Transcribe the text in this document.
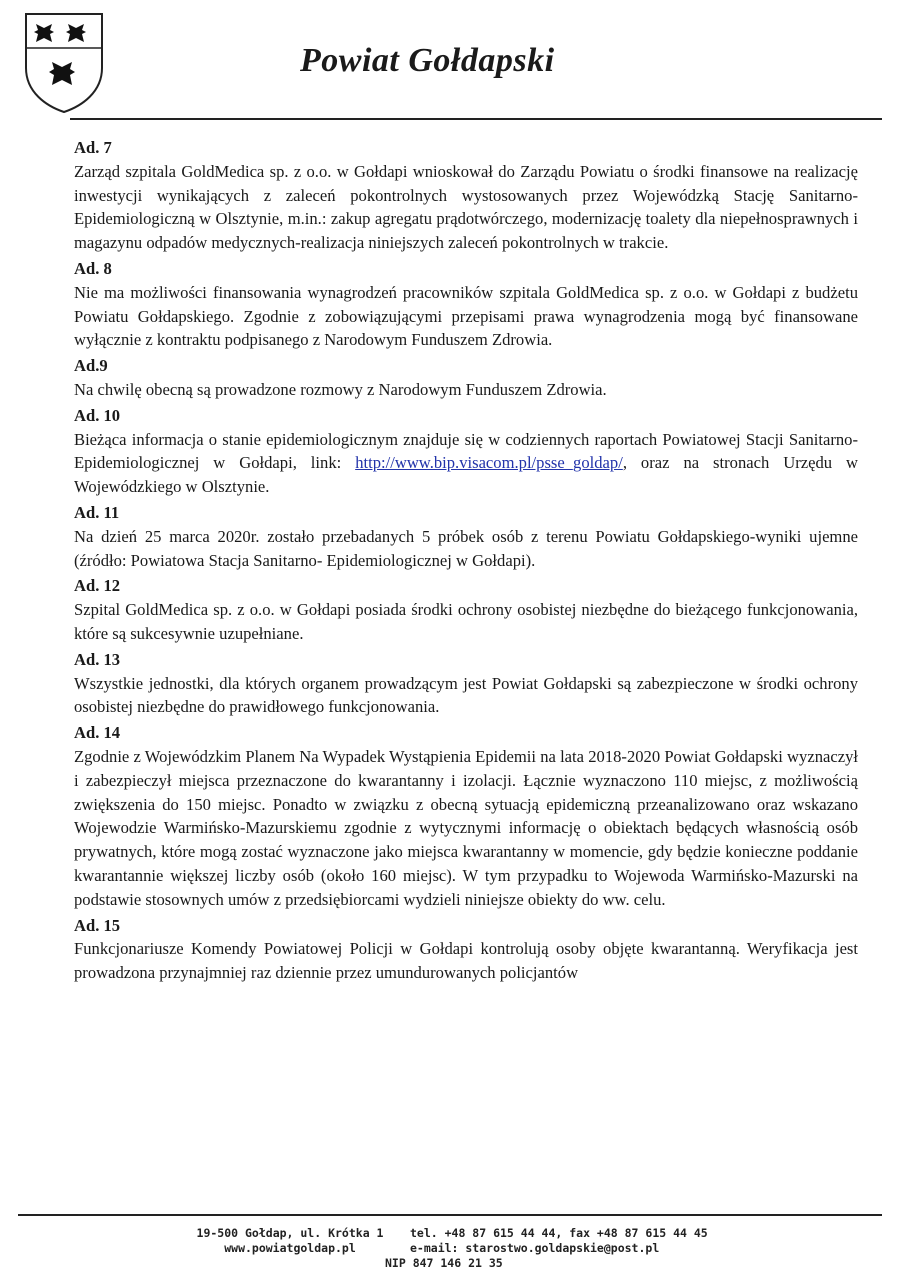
Powiat Gołdapski

Ad. 7

Zarząd szpitala GoldMedica sp. z o.o. w Gołdapi wnioskował do Zarządu Powiatu o środki finansowe na realizację inwestycji wynikających z zaleceń pokontrolnych wystosowanych przez Wojewódzką Stację Sanitarno-Epidemiologiczną w Olsztynie, m.in.: zakup agregatu prądotwórczego, modernizację toalety dla niepełnosprawnych i magazynu odpadów medycznych-realizacja niniejszych zaleceń pokontrolnych w trakcie.

Ad. 8

Nie ma możliwości finansowania wynagrodzeń pracowników szpitala GoldMedica sp. z o.o. w Gołdapi z budżetu Powiatu Gołdapskiego. Zgodnie z zobowiązującymi przepisami prawa wynagrodzenia mogą być finansowane wyłącznie z kontraktu podpisanego z Narodowym Funduszem Zdrowia.

Ad.9

Na chwilę obecną są prowadzone rozmowy z Narodowym Funduszem Zdrowia.

Ad. 10

Bieżąca informacja o stanie epidemiologicznym znajduje się w codziennych raportach Powiatowej Stacji Sanitarno- Epidemiologicznej w Gołdapi, link: http://www.bip.visacom.pl/psse_goldap/, oraz na stronach Urzędu w Wojewódzkiego w Olsztynie.

Ad. 11

Na dzień 25 marca 2020r. zostało przebadanych 5 próbek osób z terenu Powiatu Gołdapskiego-wyniki ujemne (źródło: Powiatowa Stacja Sanitarno- Epidemiologicznej w Gołdapi).

Ad. 12

Szpital GoldMedica sp. z o.o. w Gołdapi posiada środki ochrony osobistej niezbędne do bieżącego funkcjonowania, które są sukcesywnie uzupełniane.

Ad. 13

Wszystkie jednostki, dla których organem prowadzącym jest Powiat Gołdapski są zabezpieczone w środki ochrony osobistej niezbędne do prawidłowego funkcjonowania.

Ad. 14

Zgodnie z Wojewódzkim Planem Na Wypadek Wystąpienia Epidemii na lata 2018-2020 Powiat Gołdapski wyznaczył i zabezpieczył miejsca przeznaczone do kwarantanny i izolacji. Łącznie wyznaczono 110 miejsc, z możliwością zwiększenia do 150 miejsc. Ponadto w związku z obecną sytuacją epidemiczną przeanalizowano oraz wskazano Wojewodzie Warmińsko-Mazurskiemu zgodnie z wytycznymi informację o obiektach będących własnością osób prywatnych, które mogą zostać wyznaczone jako miejsca kwarantanny w momencie, gdy będzie konieczne poddanie kwarantannie większej liczby osób (około 160 miejsc). W tym przypadku to Wojewoda Warmińsko-Mazurski na podstawie stosownych umów z przedsiębiorcami wydzieli niniejsze obiekty do ww. celu.

Ad. 15

Funkcjonariusze Komendy Powiatowej Policji w Gołdapi kontrolują osoby objęte kwarantanną. Weryfikacja jest prowadzona przynajmniej raz dziennie przez umundurowanych policjantów

19-500 Gołdap, ul. Krótka 1
www.powiatgoldap.pl
tel. +48 87 615 44 44, fax +48 87 615 44 45
e-mail: starostwo.goldapskie@post.pl
NIP 847 146 21 35
